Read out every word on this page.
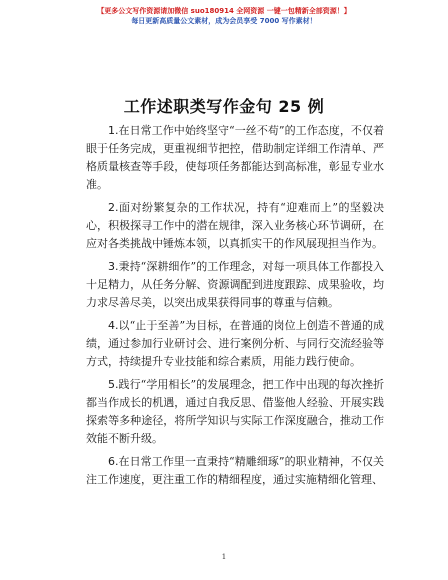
【更多公文写作资源请加微信 suo180914 全网资源 一键一包精新全部资源！】
每日更新高质量公文素材，成为会员享受 7000 写作素材！
工作述职类写作金句 25 例

1.在日常工作中始终坚守“一丝不苟”的工作态度，不仅着眼于任务完成，更重视细节把控，借助制定详细工作清单、严格质量核查等手段，使每项任务都能达到高标准，彰显专业水准。

2.面对纷繁复杂的工作状况，持有“迎难而上”的坚毅决心，积极探寻工作中的潜在规律，深入业务核心环节调研，在应对各类挑战中锤炼本领，以真抓实干的作风展现担当作为。

3.秉持“深耕细作”的工作理念，对每一项具体工作都投入十足精力，从任务分解、资源调配到进度跟踪、成果验收，均力求尽善尽美，以突出成果获得同事的尊重与信赖。

4.以“止于至善”为目标，在普通的岗位上创造不普通的成绩，通过参加行业研讨会、进行案例分析、与同行交流经验等方式，持续提升专业技能和综合素质，用能力践行使命。

5.践行“学用相长”的发展理念，把工作中出现的每次挫折都当作成长的机遇，通过自我反思、借鉴他人经验、开展实践探索等多种途径，将所学知识与实际工作深度融合，推动工作效能不断升级。

6.在日常工作里一直秉持“精雕细琢”的职业精神，不仅关注工作速度，更注重工作的精细程度，通过实施精细化管理、

1
